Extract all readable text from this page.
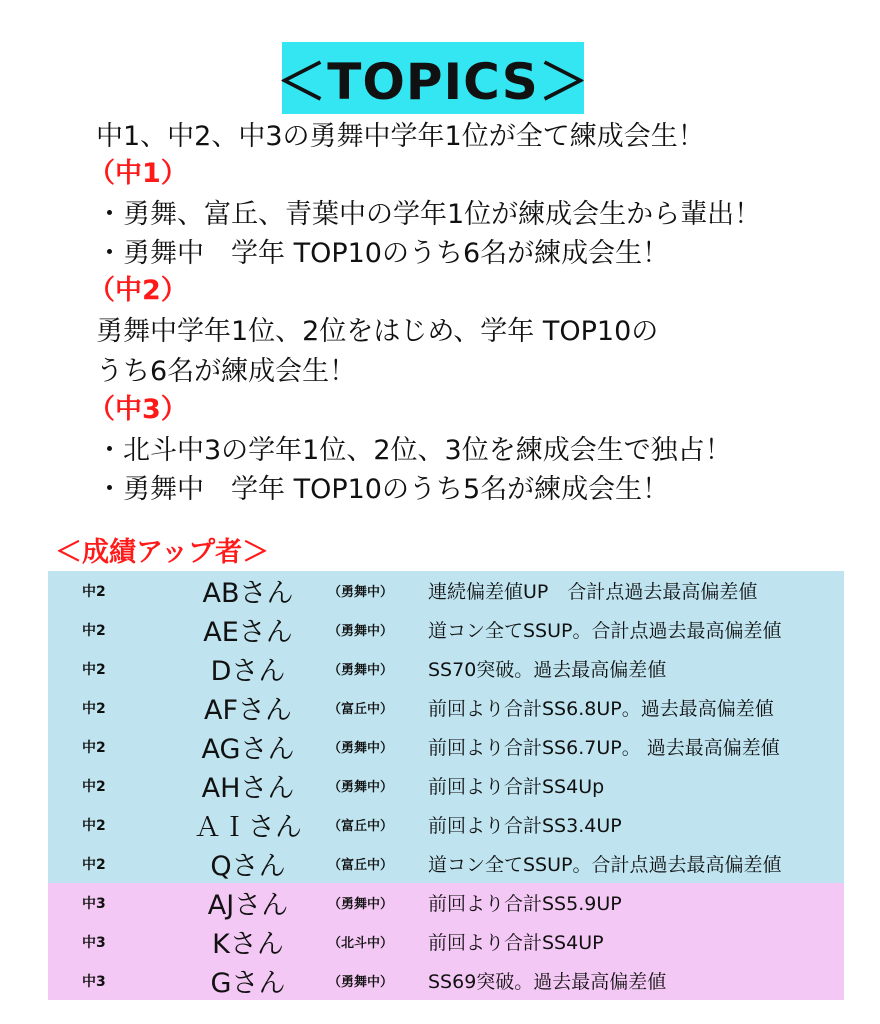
＜TOPICS＞
中1、中2、中3の勇舞中学年1位が全て練成会生！
（中1）
・勇舞、富丘、青葉中の学年1位が練成会生から輩出！
・勇舞中　学年 TOP10のうち6名が練成会生！
（中2）
勇舞中学年1位、2位をはじめ、学年 TOP10の
うち6名が練成会生！
（中3）
・北斗中3の学年1位、2位、3位を練成会生で独占！
・勇舞中　学年 TOP10のうち5名が練成会生！
＜成績アップ者＞
中2	ABさん	（勇舞中） 連続偏差値UP　合計点過去最高偏差値
中2	AEさん	（勇舞中） 道コン全てSSUP。合計点過去最高偏差値
中2	Dさん	（勇舞中） SS70突破。過去最高偏差値
中2	AFさん	（富丘中） 前回より合計SS6.8UP。過去最高偏差値
中2	AGさん	（勇舞中） 前回より合計SS6.7UP。 過去最高偏差値
中2	AHさん	（勇舞中） 前回より合計SS4Up
中2	ＡＩさん	（富丘中） 前回より合計SS3.4UP
中2	Qさん	（富丘中） 道コン全てSSUP。合計点過去最高偏差値
中3	AJさん	（勇舞中） 前回より合計SS5.9UP
中3	Kさん	（北斗中） 前回より合計SS4UP
中3	Gさん	（勇舞中） SS69突破。過去最高偏差値
